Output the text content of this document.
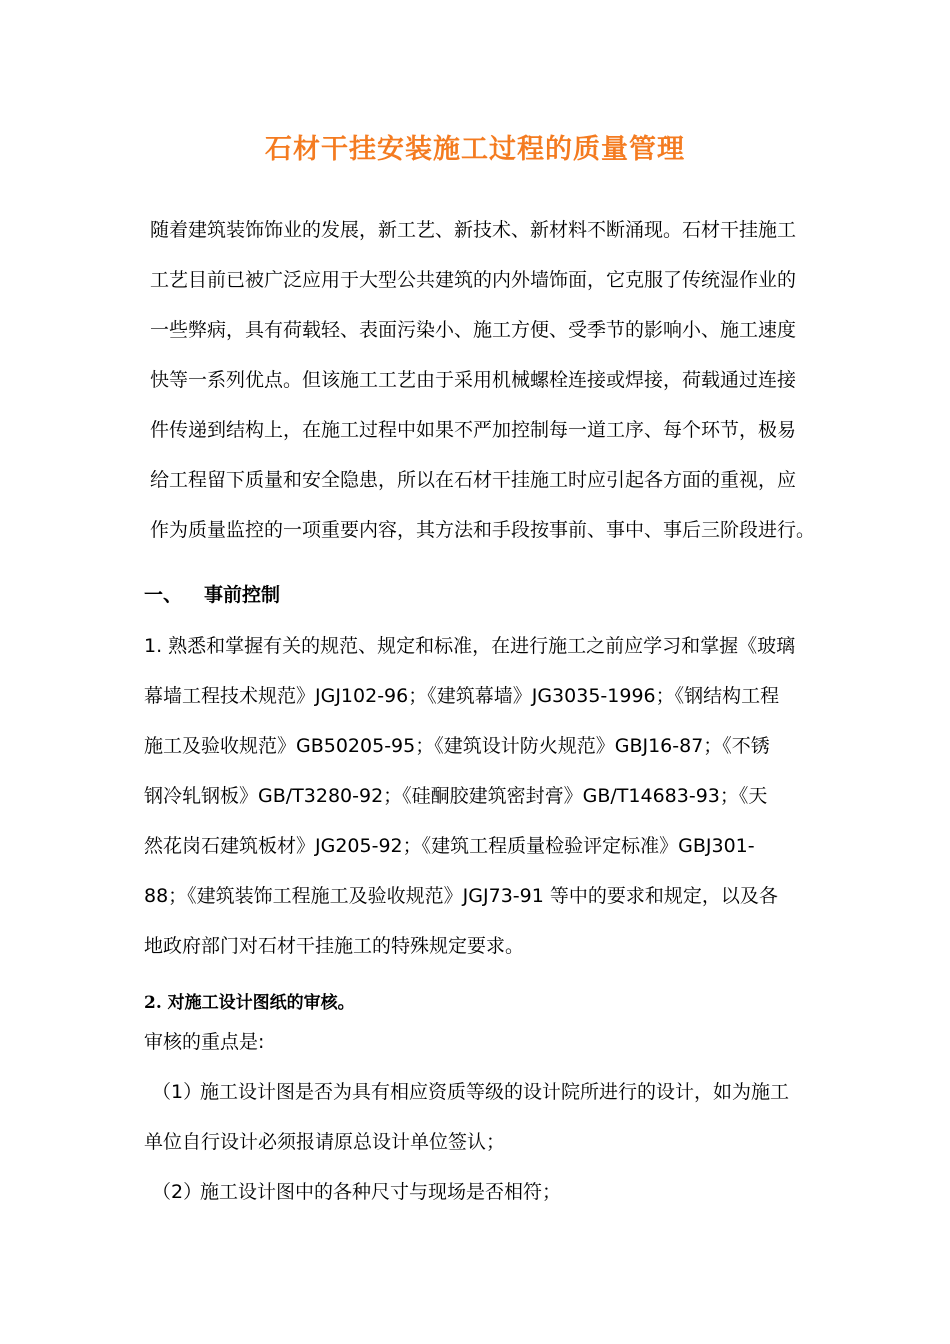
石材干挂安装施工过程的质量管理
随着建筑装饰饰业的发展，新工艺、新技术、新材料不断涌现。石材干挂施工
工艺目前已被广泛应用于大型公共建筑的内外墙饰面，它克服了传统湿作业的
一些弊病，具有荷载轻、表面污染小、施工方便、受季节的影响小、施工速度
快等一系列优点。但该施工工艺由于采用机械螺栓连接或焊接，荷载通过连接
件传递到结构上，在施工过程中如果不严加控制每一道工序、每个环节，极易
给工程留下质量和安全隐患，所以在石材干挂施工时应引起各方面的重视，应
作为质量监控的一项重要内容，其方法和手段按事前、事中、事后三阶段进行。
一、 事前控制
1. 熟悉和掌握有关的规范、规定和标准，在进行施工之前应学习和掌握《玻璃
幕墙工程技术规范》JGJ102-96；《建筑幕墙》JG3035-1996；《钢结构工程
施工及验收规范》GB50205-95；《建筑设计防火规范》GBJ16-87；《不锈
钢冷轧钢板》GB/T3280-92；《硅酮胶建筑密封膏》GB/T14683-93；《天
然花岗石建筑板材》JG205-92；《建筑工程质量检验评定标准》GBJ301-
88；《建筑装饰工程施工及验收规范》JGJ73-91 等中的要求和规定，以及各
地政府部门对石材干挂施工的特殊规定要求。
2. 对施工设计图纸的审核。
审核的重点是:
（1）施工设计图是否为具有相应资质等级的设计院所进行的设计，如为施工
单位自行设计必须报请原总设计单位签认；
（2）施工设计图中的各种尺寸与现场是否相符；
